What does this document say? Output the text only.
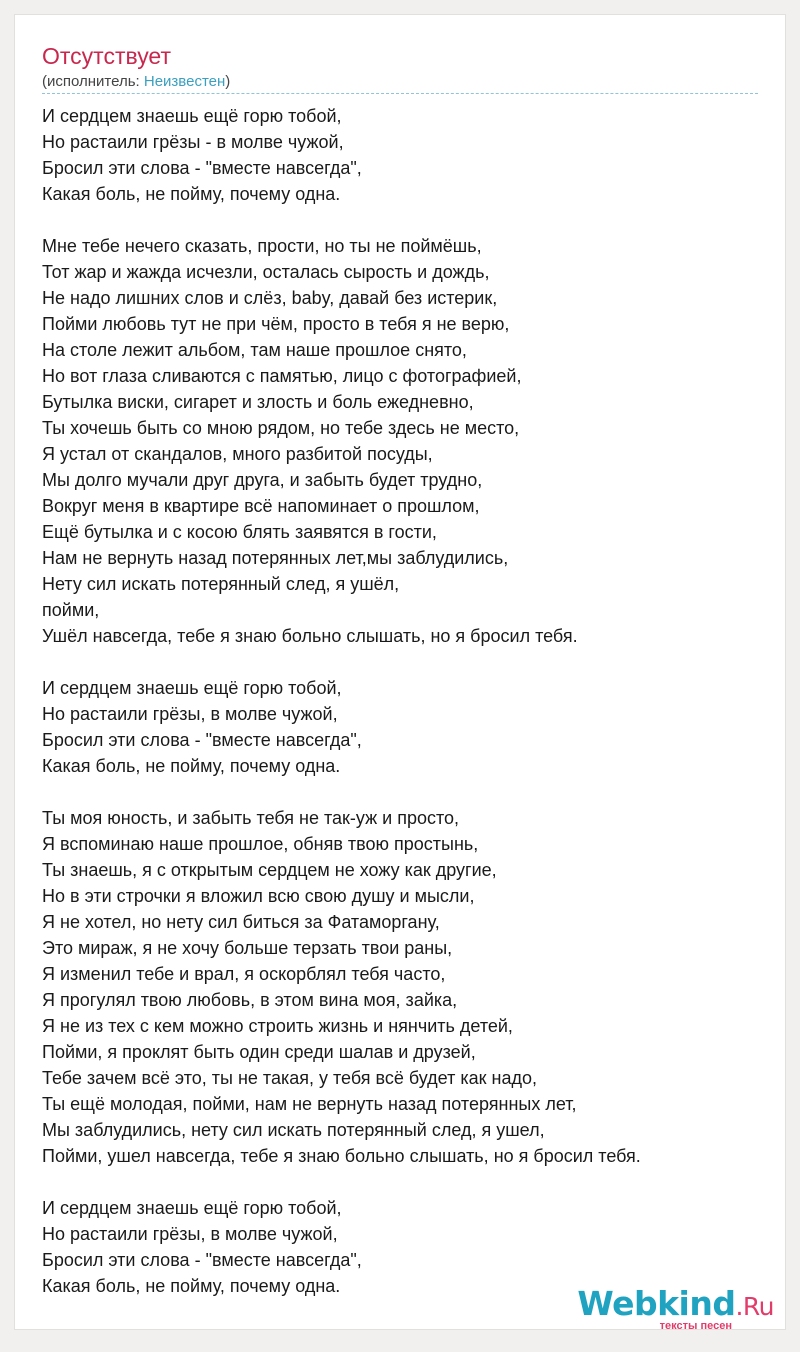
Отсутствует
(исполнитель: Неизвестен)
И сердцем знаешь ещё горю тобой,
Но растаили грёзы - в молве чужой,
Бросил эти слова - "вместе навсегда",
Какая боль, не пойму, почему одна.
Мне тебе нечего сказать, прости, но ты не поймёшь,
Тот жар и жажда исчезли, осталась сырость и дождь,
Не надо лишних слов и слёз, baby, давай без истерик,
Пойми любовь тут не при чём, просто в тебя я не верю,
На столе лежит альбом, там наше прошлое снято,
Но вот глаза сливаются с памятью, лицо с фотографией,
Бутылка виски, сигарет и злость и боль ежедневно,
Ты хочешь быть со мною рядом, но тебе здесь не место,
Я устал от скандалов, много разбитой посуды,
Мы долго мучали друг друга, и забыть будет трудно,
Вокруг меня в квартире всё напоминает о прошлом,
Ещё бутылка и с косою блять заявятся в гости,
Нам не вернуть назад потерянных лет,мы заблудились,
Нету сил искать потерянный след, я ушёл,
пойми,
Ушёл навсегда, тебе я знаю больно слышать, но я бросил тебя.
И сердцем знаешь ещё горю тобой,
Но растаили грёзы, в молве чужой,
Бросил эти слова - "вместе навсегда",
Какая боль, не пойму, почему одна.
Ты моя юность, и забыть тебя не так-уж и просто,
Я вспоминаю наше прошлое, обняв твою простынь,
Ты знаешь, я с открытым сердцем не хожу как другие,
Но в эти строчки я вложил всю свою душу и мысли,
Я не хотел, но нету сил биться за Фатаморгану,
Это мираж, я не хочу больше терзать твои раны,
Я изменил тебе и врал, я оскорблял тебя часто,
Я прогулял твою любовь, в этом вина моя, зайка,
Я не из тех с кем можно строить жизнь и нянчить детей,
Пойми, я проклят быть один среди шалав и друзей,
Тебе зачем всё это, ты не такая, у тебя всё будет как надо,
Ты ещё молодая, пойми, нам не вернуть назад потерянных лет,
Мы заблудились, нету сил искать потерянный след, я ушел,
Пойми, ушел навсегда, тебе я знаю больно слышать, но я бросил тебя.
И сердцем знаешь ещё горю тобой,
Но растаили грёзы, в молве чужой,
Бросил эти слова - "вместе навсегда",
Какая боль, не пойму, почему одна.	Webkind.Ru
тексты песен
